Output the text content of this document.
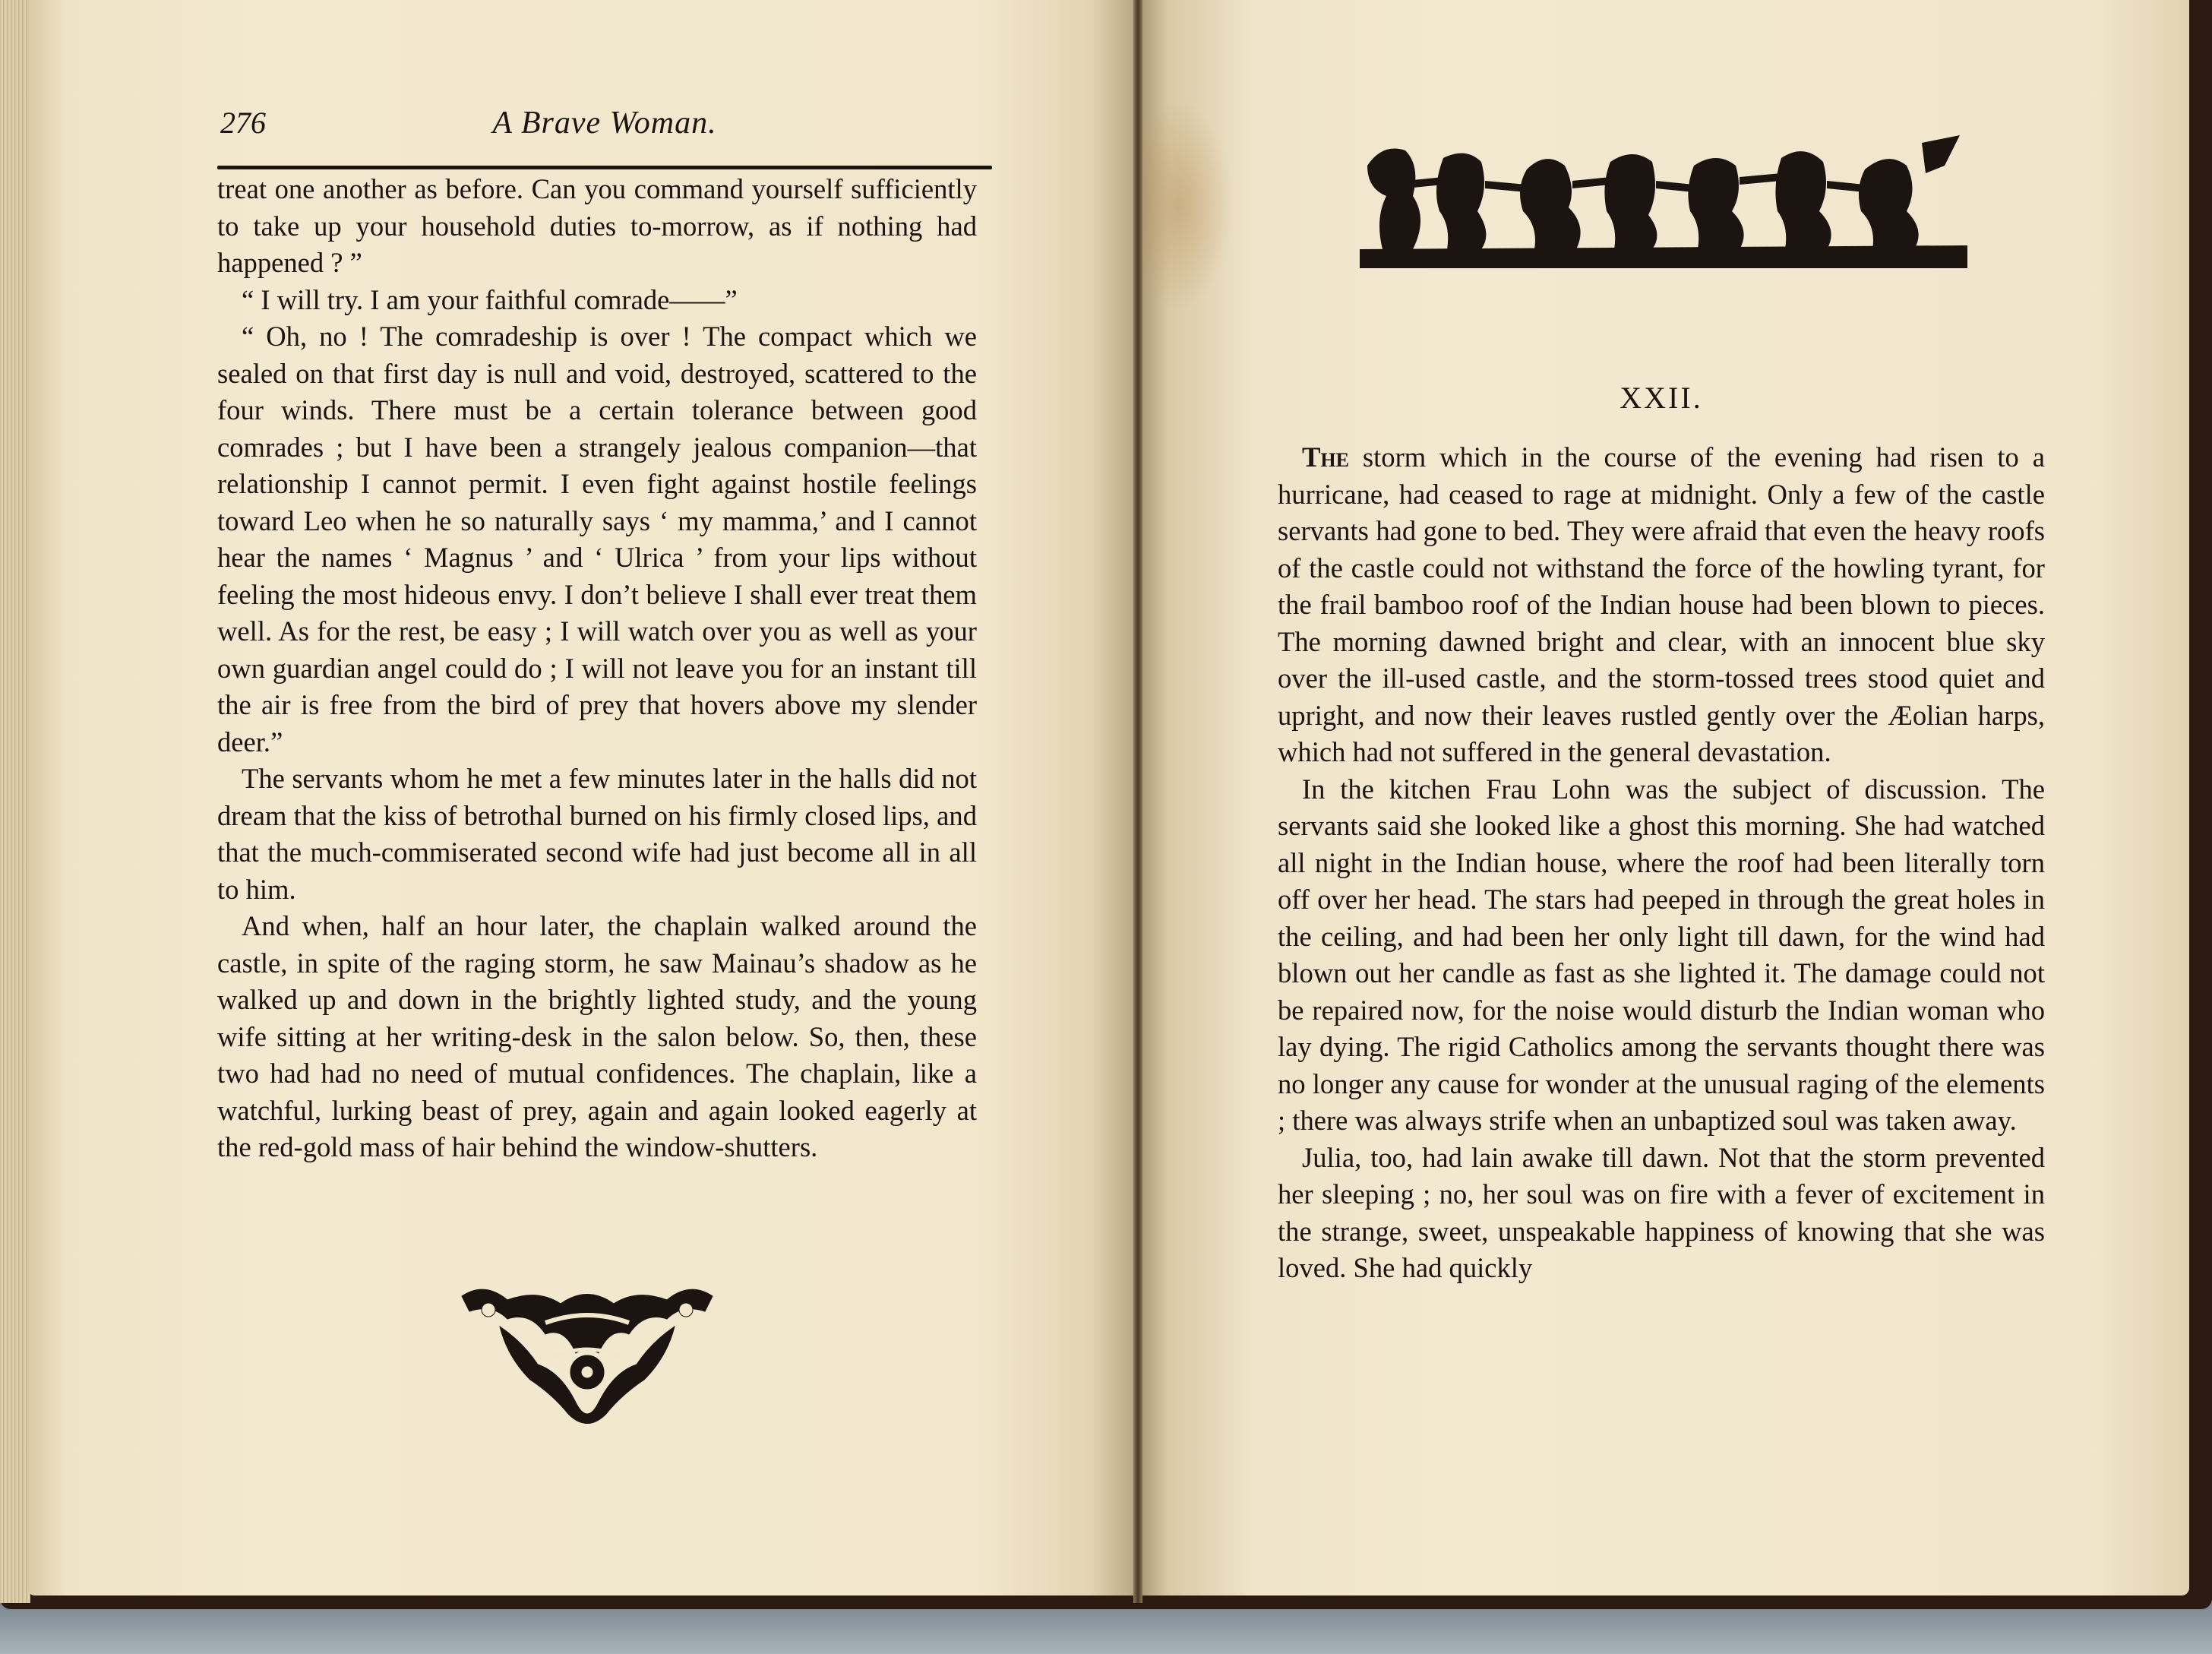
276	A Brave Woman.

treat one another as before. Can you command yourself sufficiently to take up your household duties to-morrow, as if nothing had happened ? ”

“ I will try. I am your faithful comrade——”

“ Oh, no ! The comradeship is over ! The compact which we sealed on that first day is null and void, destroyed, scattered to the four winds. There must be a certain tolerance between good comrades ; but I have been a strangely jealous companion—that relationship I cannot permit. I even fight against hostile feelings toward Leo when he so naturally says ‘ my mamma,’ and I cannot hear the names ‘ Magnus ’ and ‘ Ulrica ’ from your lips without feeling the most hideous envy. I don’t believe I shall ever treat them well. As for the rest, be easy ; I will watch over you as well as your own guardian angel could do ; I will not leave you for an instant till the air is free from the bird of prey that hovers above my slender deer.”

The servants whom he met a few minutes later in the halls did not dream that the kiss of betrothal burned on his firmly closed lips, and that the much-commiserated second wife had just become all in all to him.

And when, half an hour later, the chaplain walked around the castle, in spite of the raging storm, he saw Mainau’s shadow as he walked up and down in the brightly lighted study, and the young wife sitting at her writing-desk in the salon below. So, then, these two had had no need of mutual confidences. The chaplain, like a watchful, lurking beast of prey, again and again looked eagerly at the red-gold mass of hair behind the window-shutters.

XXII.

The storm which in the course of the evening had risen to a hurricane, had ceased to rage at midnight. Only a few of the castle servants had gone to bed. They were afraid that even the heavy roofs of the castle could not withstand the force of the howling tyrant, for the frail bamboo roof of the Indian house had been blown to pieces. The morning dawned bright and clear, with an innocent blue sky over the ill-used castle, and the storm-tossed trees stood quiet and upright, and now their leaves rustled gently over the Æolian harps, which had not suffered in the general devastation.

In the kitchen Frau Lohn was the subject of discussion. The servants said she looked like a ghost this morning. She had watched all night in the Indian house, where the roof had been literally torn off over her head. The stars had peeped in through the great holes in the ceiling, and had been her only light till dawn, for the wind had blown out her candle as fast as she lighted it. The damage could not be repaired now, for the noise would disturb the Indian woman who lay dying. The rigid Catholics among the servants thought there was no longer any cause for wonder at the unusual raging of the elements ; there was always strife when an unbaptized soul was taken away.

Julia, too, had lain awake till dawn. Not that the storm prevented her sleeping ; no, her soul was on fire with a fever of excitement in the strange, sweet, unspeakable happiness of knowing that she was loved. She had quickly
